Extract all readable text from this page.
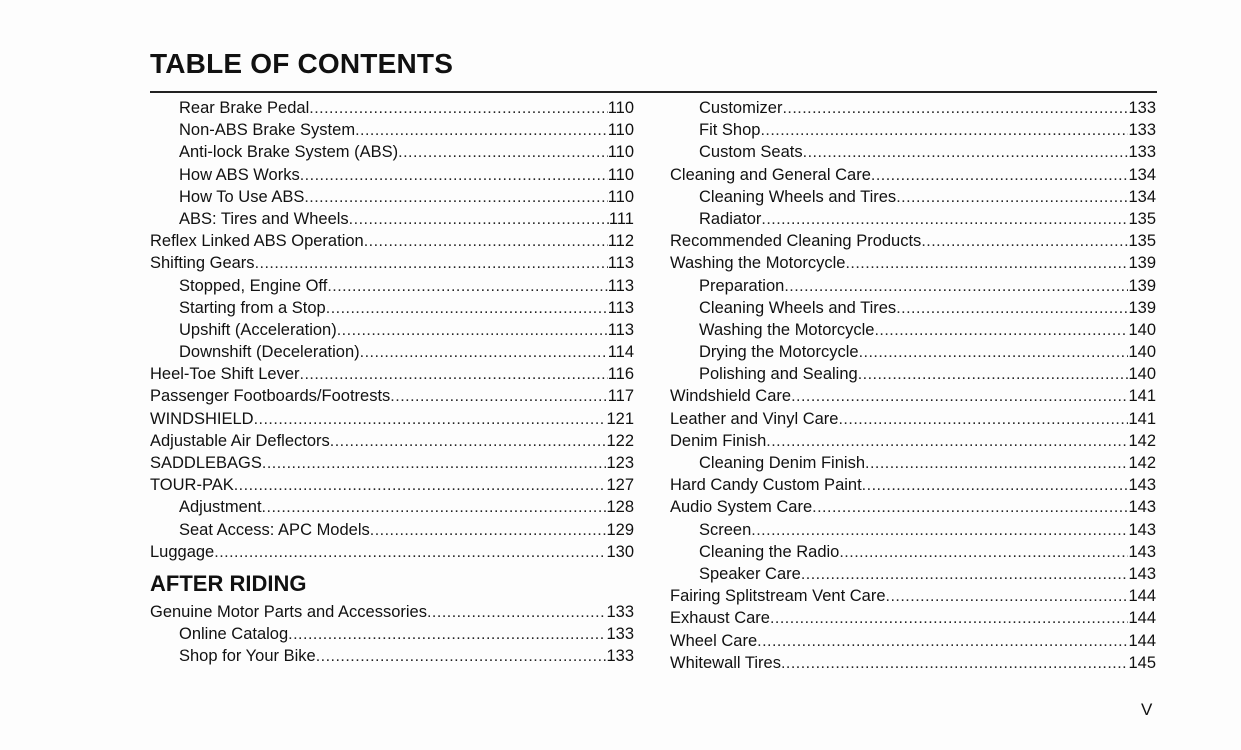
TABLE OF CONTENTS
Rear Brake Pedal .....	110
Non-ABS Brake System .....	110
Anti-lock Brake System (ABS) .....	110
How ABS Works .....	110
How To Use ABS .....	110
ABS: Tires and Wheels .....	111
Reflex Linked ABS Operation .....	112
Shifting Gears .....	113
Stopped, Engine Off .....	113
Starting from a Stop .....	113
Upshift (Acceleration) .....	113
Downshift (Deceleration) .....	114
Heel-Toe Shift Lever .....	116
Passenger Footboards/Footrests .....	117
WINDSHIELD .....	121
Adjustable Air Deflectors .....	122
SADDLEBAGS .....	123
TOUR-PAK .....	127
Adjustment .....	128
Seat Access: APC Models .....	129
Luggage .....	130
AFTER RIDING
Genuine Motor Parts and Accessories .....	133
Online Catalog .....	133
Shop for Your Bike .....	133
Customizer .....	133
Fit Shop .....	133
Custom Seats .....	133
Cleaning and General Care .....	134
Cleaning Wheels and Tires .....	134
Radiator .....	135
Recommended Cleaning Products .....	135
Washing the Motorcycle .....	139
Preparation .....	139
Cleaning Wheels and Tires .....	139
Washing the Motorcycle .....	140
Drying the Motorcycle .....	140
Polishing and Sealing .....	140
Windshield Care .....	141
Leather and Vinyl Care .....	141
Denim Finish .....	142
Cleaning Denim Finish .....	142
Hard Candy Custom Paint .....	143
Audio System Care .....	143
Screen .....	143
Cleaning the Radio .....	143
Speaker Care .....	143
Fairing Splitstream Vent Care .....	144
Exhaust Care .....	144
Wheel Care .....	144
Whitewall Tires .....	145
V
